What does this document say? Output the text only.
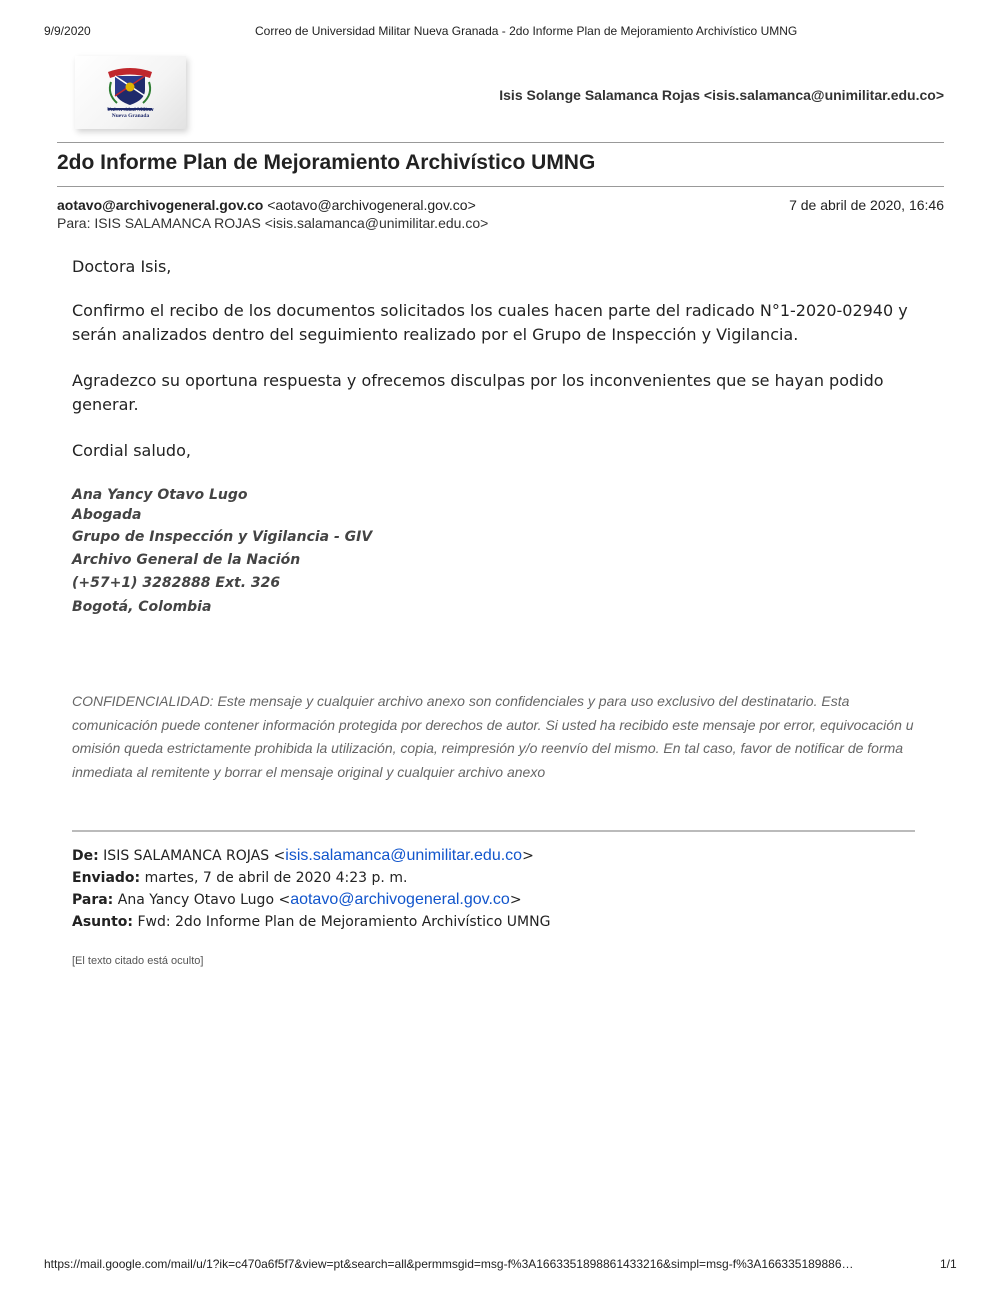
9/9/2020	Correo de Universidad Militar Nueva Granada - 2do Informe Plan de Mejoramiento Archivístico UMNG
Universidad Militar
Nueva Granada
Isis Solange Salamanca Rojas <isis.salamanca@unimilitar.edu.co>
2do Informe Plan de Mejoramiento Archivístico UMNG
aotavo@archivogeneral.gov.co <aotavo@archivogeneral.gov.co>	7 de abril de 2020, 16:46
Para: ISIS SALAMANCA ROJAS <isis.salamanca@unimilitar.edu.co>
Doctora Isis,
Confirmo el recibo de los documentos solicitados los cuales hacen parte del radicado N°1-2020-02940 y
serán analizados dentro del seguimiento realizado por el Grupo de Inspección y Vigilancia.
Agradezco su oportuna respuesta y ofrecemos disculpas por los inconvenientes que se hayan podido
generar.
Cordial saludo,
Ana Yancy Otavo Lugo
Abogada
Grupo de Inspección y Vigilancia - GIV
Archivo General de la Nación
(+57+1) 3282888 Ext. 326
Bogotá, Colombia
CONFIDENCIALIDAD: Este mensaje y cualquier archivo anexo son confidenciales y para uso exclusivo del destinatario. Esta comunicación puede contener información protegida por derechos de autor. Si usted ha recibido este mensaje por error, equivocación u omisión queda estrictamente prohibida la utilización, copia, reimpresión y/o reenvío del mismo. En tal caso, favor de notificar de forma inmediata al remitente y borrar el mensaje original y cualquier archivo anexo
De: ISIS SALAMANCA ROJAS <isis.salamanca@unimilitar.edu.co>
Enviado: martes, 7 de abril de 2020 4:23 p. m.
Para: Ana Yancy Otavo Lugo <aotavo@archivogeneral.gov.co>
Asunto: Fwd: 2do Informe Plan de Mejoramiento Archivístico UMNG
[El texto citado está oculto]
https://mail.google.com/mail/u/1?ik=c470a6f5f7&view=pt&search=all&permmsgid=msg-f%3A1663351898861433216&simpl=msg-f%3A166335189886…	1/1
